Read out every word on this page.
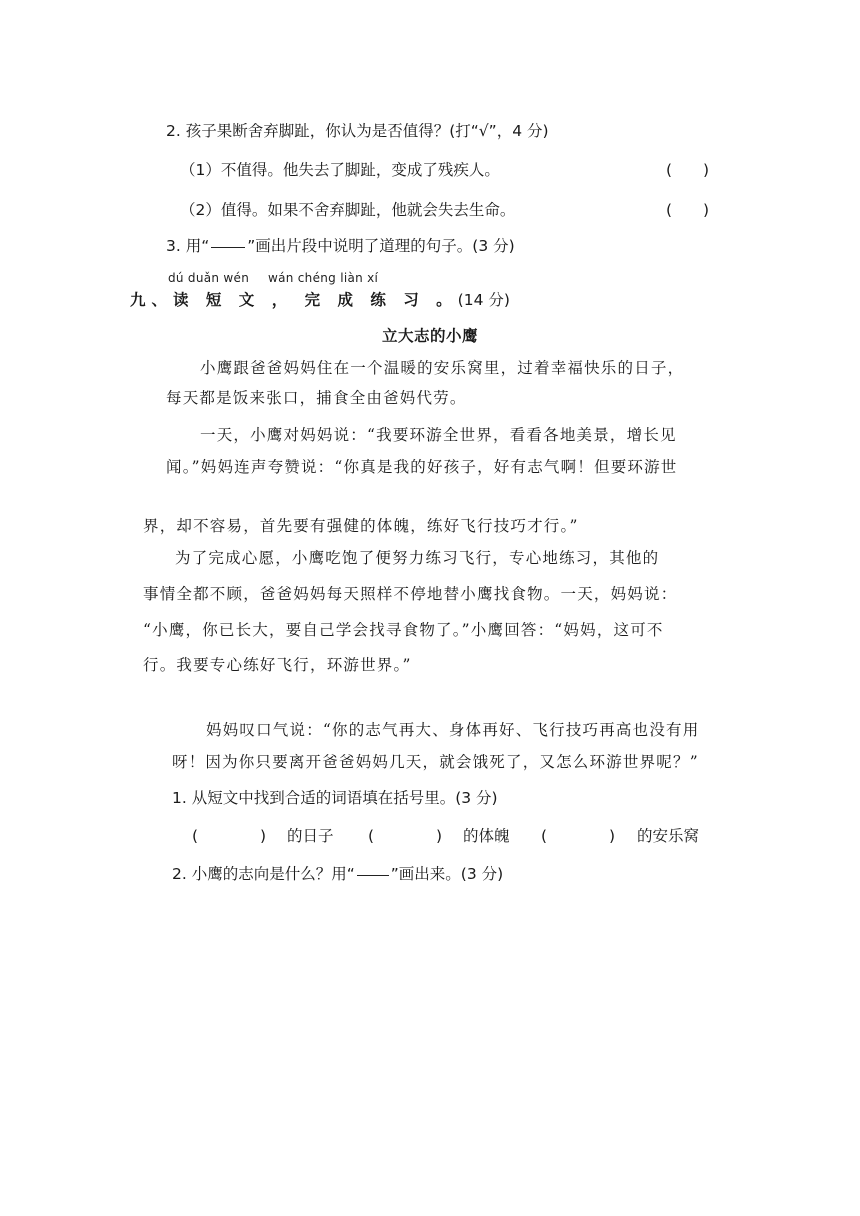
2. 孩子果断舍弃脚趾，你认为是否值得？(打“√”，4 分)
（1）不值得。他失去了脚趾，变成了残疾人。	(　　)
（2）值得。如果不舍弃脚趾，他就会失去生命。	(　　)
3. 用“ ”画出片段中说明了道理的句子。(3 分)
dú duǎn wén wán chéng liàn xí
九、读 短 文 ， 完 成 练 习 。(14 分)
立大志的小鹰
小鹰跟爸爸妈妈住在一个温暖的安乐窝里，过着幸福快乐的日子，
每天都是饭来张口，捕食全由爸妈代劳。
一天，小鹰对妈妈说：“我要环游全世界，看看各地美景，增长见
闻。”妈妈连声夸赞说：“你真是我的好孩子，好有志气啊！但要环游世
界，却不容易，首先要有强健的体魄，练好飞行技巧才行。”
为了完成心愿，小鹰吃饱了便努力练习飞行，专心地练习，其他的
事情全都不顾，爸爸妈妈每天照样不停地替小鹰找食物。一天，妈妈说：
“小鹰，你已长大，要自己学会找寻食物了。”小鹰回答：“妈妈，这可不
行。我要专心练好飞行，环游世界。”
妈妈叹口气说：“你的志气再大、身体再好、飞行技巧再高也没有用
呀！因为你只要离开爸爸妈妈几天，就会饿死了，又怎么环游世界呢？”
1. 从短文中找到合适的词语填在括号里。(3 分)
(　　　　) 的日子 (　　　　) 的体魄 (　　　　) 的安乐窝
2. 小鹰的志向是什么？用“ ”画出来。(3 分)
